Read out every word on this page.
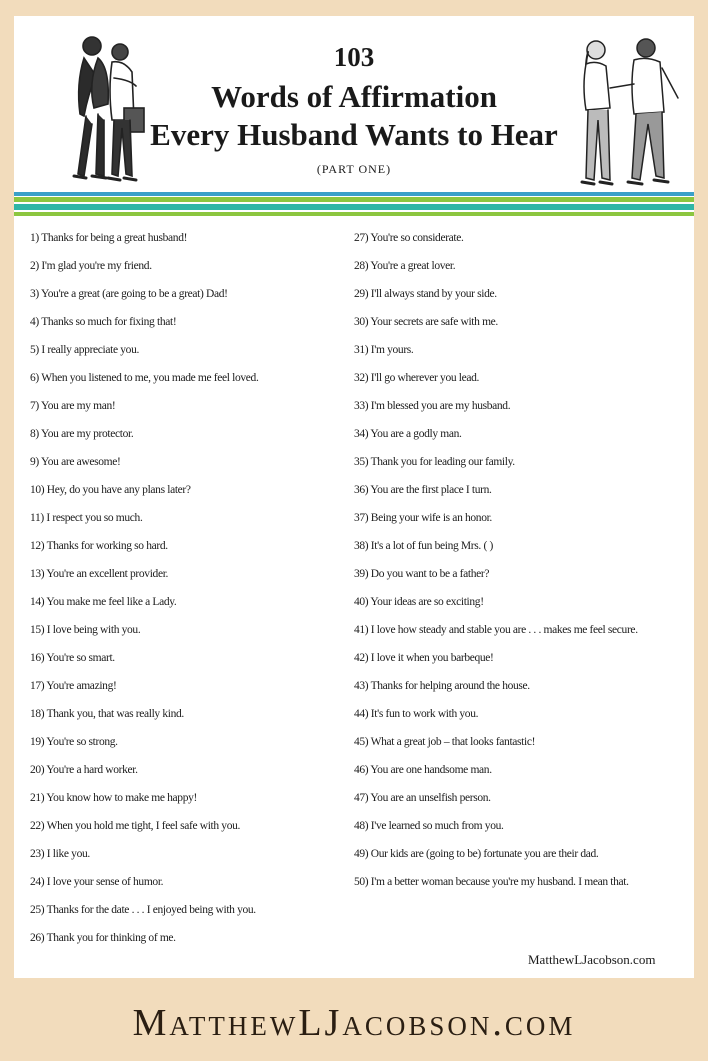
103
Words of Affirmation
Every Husband Wants to Hear
(PART ONE)
1) Thanks for being a great husband!
2) I'm glad you're my friend.
3) You're a great (are going to be a great) Dad!
4) Thanks so much for fixing that!
5) I really appreciate you.
6) When you listened to me, you made me feel loved.
7) You are my man!
8) You are my protector.
9) You are awesome!
10) Hey, do you have any plans later?
11) I respect you so much.
12) Thanks for working so hard.
13) You're an excellent provider.
14) You make me feel like a Lady.
15) I love being with you.
16) You're so smart.
17) You're amazing!
18) Thank you, that was really kind.
19) You're so strong.
20) You're a hard worker.
21) You know how to make me happy!
22) When you hold me tight, I feel safe with you.
23) I like you.
24) I love your sense of humor.
25) Thanks for the date . . . I enjoyed being with you.
26) Thank you for thinking of me.
27) You're so considerate.
28) You're a great lover.
29) I'll always stand by your side.
30) Your secrets are safe with me.
31) I'm yours.
32) I'll go wherever you lead.
33) I'm blessed you are my husband.
34) You are a godly man.
35) Thank you for leading our family.
36) You are the first place I turn.
37) Being your wife is an honor.
38) It's a lot of fun being Mrs. ( )
39) Do you want to be a father?
40) Your ideas are so exciting!
41) I love how steady and stable you are . . . makes me feel secure.
42) I love it when you barbeque!
43) Thanks for helping around the house.
44) It's fun to work with you.
45) What a great job – that looks fantastic!
46) You are one handsome man.
47) You are an unselfish person.
48) I've learned so much from you.
49) Our kids are (going to be) fortunate you are their dad.
50) I'm a better woman because you're my husband. I mean that.
MatthewLJacobson.com
MatthewLJacobson.com
